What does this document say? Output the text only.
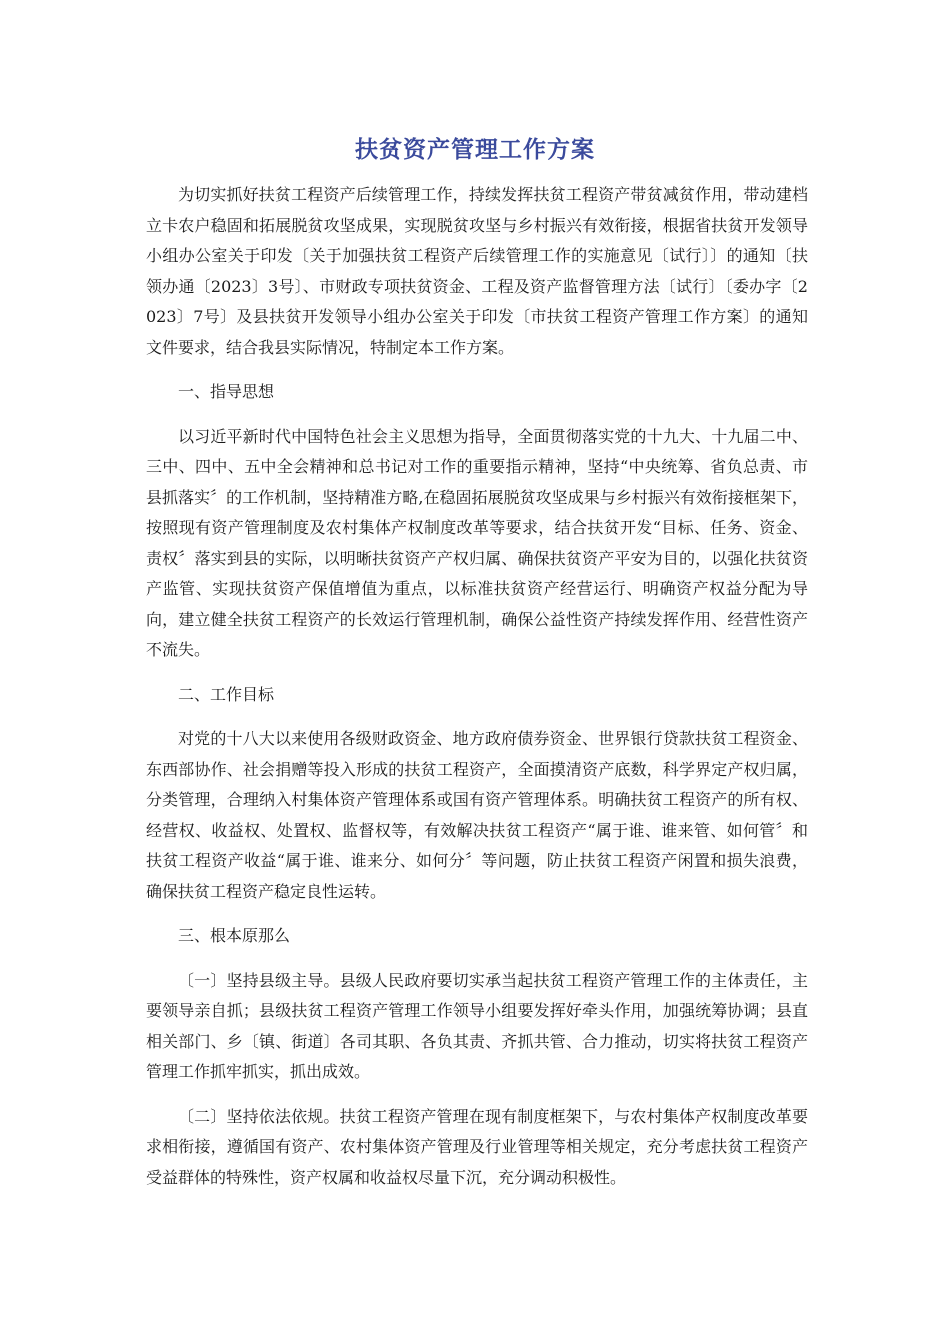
扶贫资产管理工作方案

为切实抓好扶贫工程资产后续管理工作，持续发挥扶贫工程资产带贫减贫作用，带动建档立卡农户稳固和拓展脱贫攻坚成果，实现脱贫攻坚与乡村振兴有效衔接，根据省扶贫开发领导小组办公室关于印发〔关于加强扶贫工程资产后续管理工作的实施意见〔试行〕〕的通知〔扶领办通〔2023〕3号〕、市财政专项扶贫资金、工程及资产监督管理方法〔试行〕〔委办字〔2023〕7号〕及县扶贫开发领导小组办公室关于印发〔市扶贫工程资产管理工作方案〕的通知文件要求，结合我县实际情况，特制定本工作方案。

一、指导思想

以习近平新时代中国特色社会主义思想为指导，全面贯彻落实党的十九大、十九届二中、三中、四中、五中全会精神和总书记对工作的重要指示精神，坚持“中央统筹、省负总责、市县抓落实〞的工作机制，坚持精准方略,在稳固拓展脱贫攻坚成果与乡村振兴有效衔接框架下，按照现有资产管理制度及农村集体产权制度改革等要求，结合扶贫开发“目标、任务、资金、责权〞落实到县的实际，以明晰扶贫资产产权归属、确保扶贫资产平安为目的，以强化扶贫资产监管、实现扶贫资产保值增值为重点，以标准扶贫资产经营运行、明确资产权益分配为导向，建立健全扶贫工程资产的长效运行管理机制，确保公益性资产持续发挥作用、经营性资产不流失。

二、工作目标

对党的十八大以来使用各级财政资金、地方政府债券资金、世界银行贷款扶贫工程资金、东西部协作、社会捐赠等投入形成的扶贫工程资产，全面摸清资产底数，科学界定产权归属，分类管理，合理纳入村集体资产管理体系或国有资产管理体系。明确扶贫工程资产的所有权、经营权、收益权、处置权、监督权等，有效解决扶贫工程资产“属于谁、谁来管、如何管〞和扶贫工程资产收益“属于谁、谁来分、如何分〞等问题，防止扶贫工程资产闲置和损失浪费，确保扶贫工程资产稳定良性运转。

三、根本原那么

〔一〕坚持县级主导。县级人民政府要切实承当起扶贫工程资产管理工作的主体责任，主要领导亲自抓；县级扶贫工程资产管理工作领导小组要发挥好牵头作用，加强统筹协调；县直相关部门、乡〔镇、街道〕各司其职、各负其责、齐抓共管、合力推动，切实将扶贫工程资产管理工作抓牢抓实，抓出成效。

〔二〕坚持依法依规。扶贫工程资产管理在现有制度框架下，与农村集体产权制度改革要求相衔接，遵循国有资产、农村集体资产管理及行业管理等相关规定，充分考虑扶贫工程资产受益群体的特殊性，资产权属和收益权尽量下沉，充分调动积极性。
